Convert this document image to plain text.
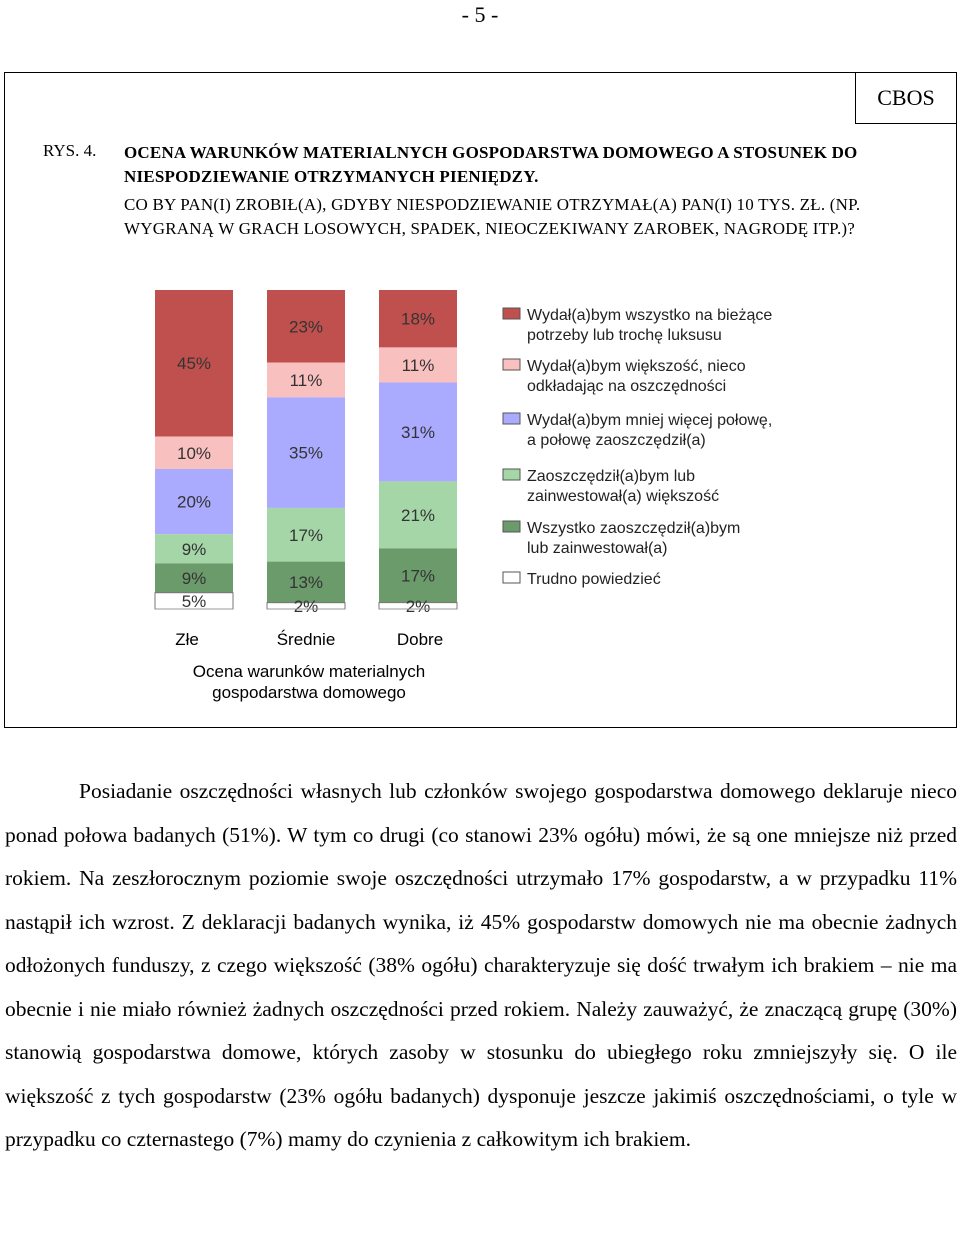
- 5 -
CBOS
RYS. 4. OCENA WARUNKÓW MATERIALNYCH GOSPODARSTWA DOMOWEGO A STOSUNEK DO NIESPODZIEWANIE OTRZYMANYCH PIENIĘDZY.
CO BY PAN(I) ZROBIŁ(A), GDYBY NIESPODZIEWANIE OTRZYMAŁ(A) PAN(I) 10 TYS. ZŁ. (NP. WYGRANĄ W GRACH LOSOWYCH, SPADEK, NIEOCZEKIWANY ZAROBEK, NAGRODĘ ITP.)?
45%
10%
20%
9%
9%
5%
Złe
23%
11%
35%
17%
13%
2%
Średnie
18%
11%
31%
21%
17%
2%
Dobre
Ocena warunków materialnych
gospodarstwa domowego
Wydał(a)bym wszystko na bieżące
potrzeby lub trochę luksusu
Wydał(a)bym większość, nieco
odkładając na oszczędności
Wydał(a)bym mniej więcej połowę,
a połowę zaoszczędził(a)
Zaoszczędził(a)bym lub
zainwestował(a) większość
Wszystko zaoszczędził(a)bym
lub zainwestował(a)
Trudno powiedzieć

Posiadanie oszczędności własnych lub członków swojego gospodarstwa domowego deklaruje nieco ponad połowa badanych (51%). W tym co drugi (co stanowi 23% ogółu) mówi, że są one mniejsze niż przed rokiem. Na zeszłorocznym poziomie swoje oszczędności utrzymało 17% gospodarstw, a w przypadku 11% nastąpił ich wzrost. Z deklaracji badanych wynika, iż 45% gospodarstw domowych nie ma obecnie żadnych odłożonych funduszy, z czego większość (38% ogółu) charakteryzuje się dość trwałym ich brakiem – nie ma obecnie i nie miało również żadnych oszczędności przed rokiem. Należy zauważyć, że znaczącą grupę (30%) stanowią gospodarstwa domowe, których zasoby w stosunku do ubiegłego roku zmniejszyły się. O ile większość z tych gospodarstw (23% ogółu badanych) dysponuje jeszcze jakimiś oszczędnościami, o tyle w przypadku co czternastego (7%) mamy do czynienia z całkowitym ich brakiem.
